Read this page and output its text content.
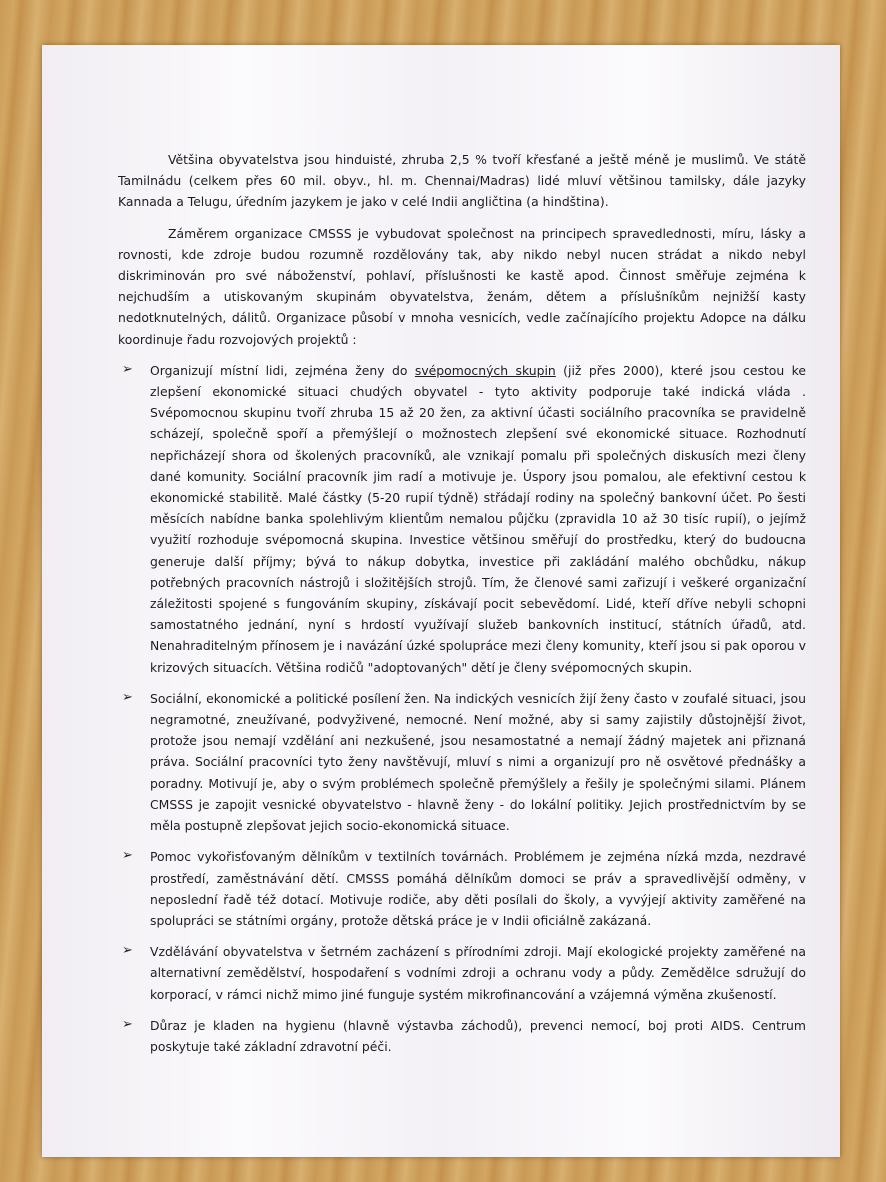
Většina obyvatelstva jsou hinduisté, zhruba 2,5 % tvoří křesťané a ještě méně je muslimů. Ve státě Tamilnádu (celkem přes 60 mil. obyv., hl. m. Chennai/Madras) lidé mluví většinou tamilsky, dále jazyky Kannada a Telugu, úředním jazykem je jako v celé Indii angličtina (a hindština).

Záměrem organizace CMSSS je vybudovat společnost na principech spravedlednosti, míru, lásky a rovnosti, kde zdroje budou rozumně rozdělovány tak, aby nikdo nebyl nucen strádat a nikdo nebyl diskriminován pro své náboženství, pohlaví, příslušnosti ke kastě apod. Činnost směřuje zejména k nejchudším a utiskovaným skupinám obyvatelstva, ženám, dětem a příslušníkům nejnižší kasty nedotknutelných, dálitů. Organizace působí v mnoha vesnicích, vedle začínajícího projektu Adopce na dálku koordinuje řadu rozvojových projektů :

➢ Organizují místní lidi, zejména ženy do svépomocných skupin (již přes 2000), které jsou cestou ke zlepšení ekonomické situaci chudých obyvatel - tyto aktivity podporuje také indická vláda . Svépomocnou skupinu tvoří zhruba 15 až 20 žen, za aktivní účasti sociálního pracovníka se pravidelně scházejí, společně spoří a přemýšlejí o možnostech zlepšení své ekonomické situace. Rozhodnutí nepřicházejí shora od školených pracovníků, ale vznikají pomalu při společných diskusích mezi členy dané komunity. Sociální pracovník jim radí a motivuje je. Úspory jsou pomalou, ale efektivní cestou k ekonomické stabilitě. Malé částky (5-20 rupií týdně) střádají rodiny na společný bankovní účet. Po šesti měsících nabídne banka spolehlivým klientům nemalou půjčku (zpravidla 10 až 30 tisíc rupií), o jejímž využití rozhoduje svépomocná skupina. Investice většinou směřují do prostředku, který do budoucna generuje další příjmy; bývá to nákup dobytka, investice při zakládání malého obchůdku, nákup potřebných pracovních nástrojů i složitějších strojů. Tím, že členové sami zařizují i veškeré organizační záležitosti spojené s fungováním skupiny, získávají pocit sebevědomí. Lidé, kteří dříve nebyli schopni samostatného jednání, nyní s hrdostí využívají služeb bankovních institucí, státních úřadů, atd. Nenahraditelným přínosem je i navázání úzké spolupráce mezi členy komunity, kteří jsou si pak oporou v krizových situacích. Většina rodičů "adoptovaných" dětí je členy svépomocných skupin.
➢ Sociální, ekonomické a politické posílení žen. Na indických vesnicích žijí ženy často v zoufalé situaci, jsou negramotné, zneužívané, podvyživené, nemocné. Není možné, aby si samy zajistily důstojnější život, protože jsou nemají vzdělání ani nezkušené, jsou nesamostatné a nemají žádný majetek ani přiznaná práva. Sociální pracovníci tyto ženy navštěvují, mluví s nimi a organizují pro ně osvětové přednášky a poradny. Motivují je, aby o svým problémech společně přemýšlely a řešily je společnými silami. Plánem CMSSS je zapojit vesnické obyvatelstvo - hlavně ženy - do lokální politiky. Jejich prostřednictvím by se měla postupně zlepšovat jejich socio-ekonomická situace.
➢ Pomoc vykořisťovaným dělníkům v textilních továrnách. Problémem je zejména nízká mzda, nezdravé prostředí, zaměstnávání dětí. CMSSS pomáhá dělníkům domoci se práv a spravedlivější odměny, v neposlední řadě též dotací. Motivuje rodiče, aby děti posílali do školy, a vyvýjejí aktivity zaměřené na spolupráci se státními orgány, protože dětská práce je v Indii oficiálně zakázaná.
➢ Vzdělávání obyvatelstva v šetrném zacházení s přírodními zdroji. Mají ekologické projekty zaměřené na alternativní zemědělství, hospodaření s vodními zdroji a ochranu vody a půdy. Zemědělce sdružují do korporací, v rámci nichž mimo jiné funguje systém mikrofinancování a vzájemná výměna zkušeností.
➢ Důraz je kladen na hygienu (hlavně výstavba záchodů), prevenci nemocí, boj proti AIDS. Centrum poskytuje také základní zdravotní péči.
